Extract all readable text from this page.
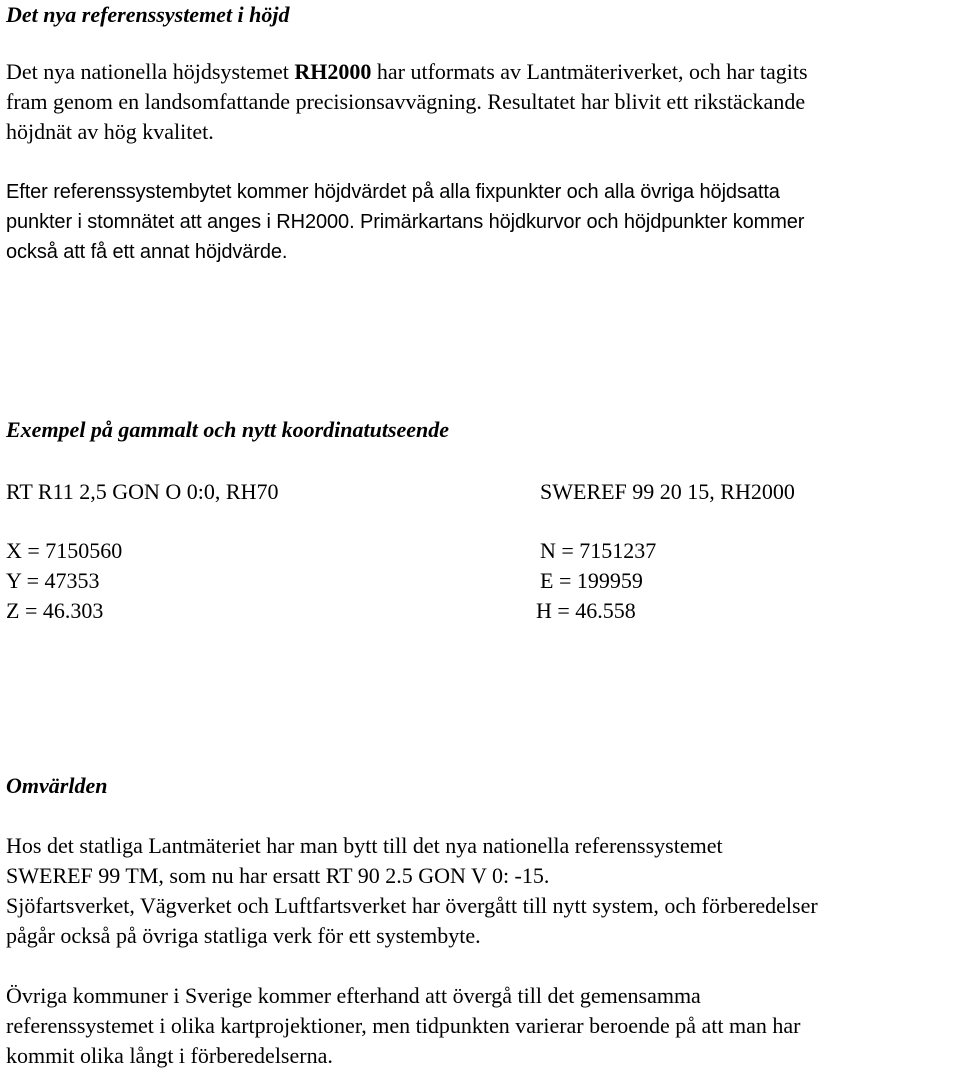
Det nya referenssystemet i höjd

Det nya nationella höjdsystemet RH2000 har utformats av Lantmäteriverket, och har tagits
fram genom en landsomfattande precisionsavvägning. Resultatet har blivit ett rikstäckande
höjdnät av hög kvalitet.

Efter referenssystembytet kommer höjdvärdet på alla fixpunkter och alla övriga höjdsatta
punkter i stomnätet att anges i RH2000. Primärkartans höjdkurvor och höjdpunkter kommer
också att få ett annat höjdvärde.

Exempel på gammalt och nytt koordinatutseende
RT R11 2,5 GON O 0:0, RH70	SWEREF 99 20 15, RH2000
X = 7150560	N = 7151237
Y = 47353	E = 199959
Z = 46.303	H = 46.558
Omvärlden

Hos det statliga Lantmäteriet har man bytt till det nya nationella referenssystemet
SWEREF 99 TM, som nu har ersatt RT 90 2.5 GON V 0: -15.
Sjöfartsverket, Vägverket och Luftfartsverket har övergått till nytt system, och förberedelser
pågår också på övriga statliga verk för ett systembyte.

Övriga kommuner i Sverige kommer efterhand att övergå till det gemensamma
referenssystemet i olika kartprojektioner, men tidpunkten varierar beroende på att man har
kommit olika långt i förberedelserna.
